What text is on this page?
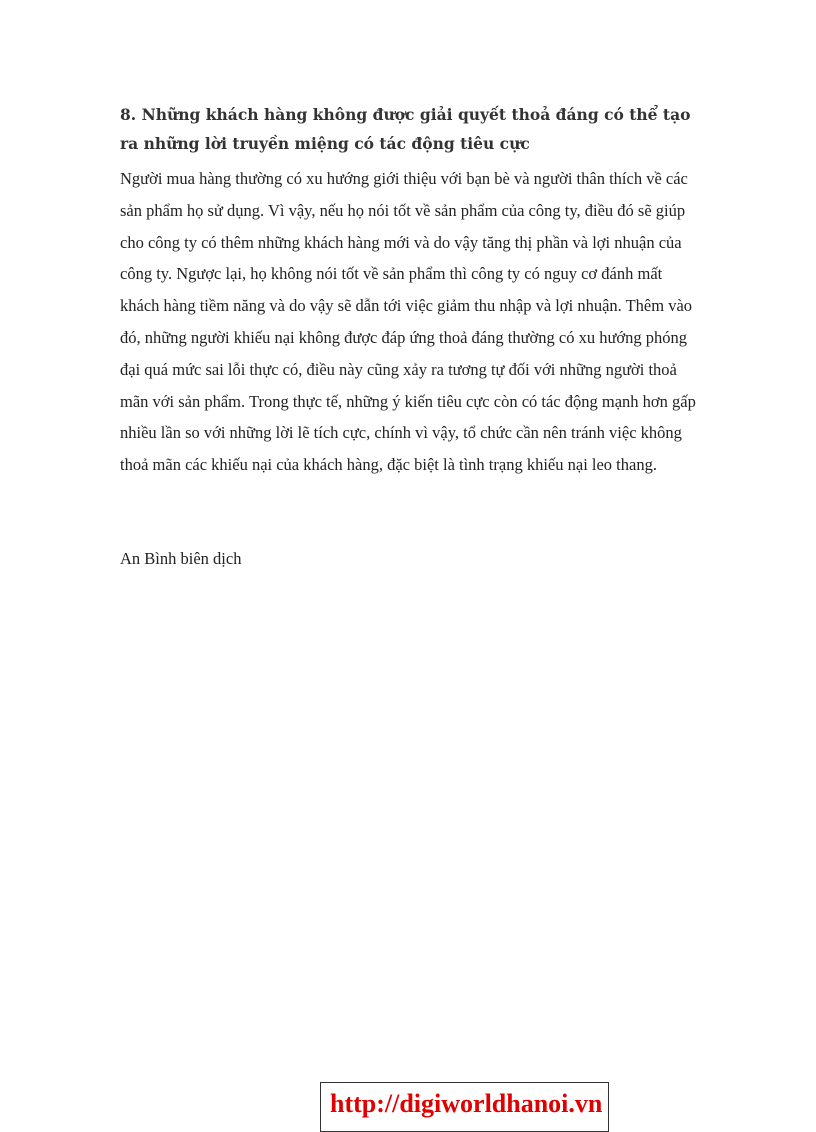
8. Những khách hàng không được giải quyết thoả đáng có thể tạo ra những lời truyền miệng có tác động tiêu cực

Người mua hàng thường có xu hướng giới thiệu với bạn bè và người thân thích về các sản phẩm họ sử dụng. Vì vậy, nếu họ nói tốt về sản phẩm của công ty, điều đó sẽ giúp cho công ty có thêm những khách hàng mới và do vậy tăng thị phần và lợi nhuận của công ty. Ngược lại, họ không nói tốt về sản phẩm thì công ty có nguy cơ đánh mất khách hàng tiềm năng và do vậy sẽ dẫn tới việc giảm thu nhập và lợi nhuận. Thêm vào đó, những người khiếu nại không được đáp ứng thoả đáng thường có xu hướng phóng đại quá mức sai lỗi thực có, điều này cũng xảy ra tương tự đối với những người thoả mãn với sản phẩm. Trong thực tế, những ý kiến tiêu cực còn có tác động mạnh hơn gấp nhiều lần so với những lời lẽ tích cực, chính vì vậy, tổ chức cần nên tránh việc không thoả mãn các khiếu nại của khách hàng, đặc biệt là tình trạng khiếu nại leo thang.

An Bình biên dịch

http://digiworldhanoi.vn
